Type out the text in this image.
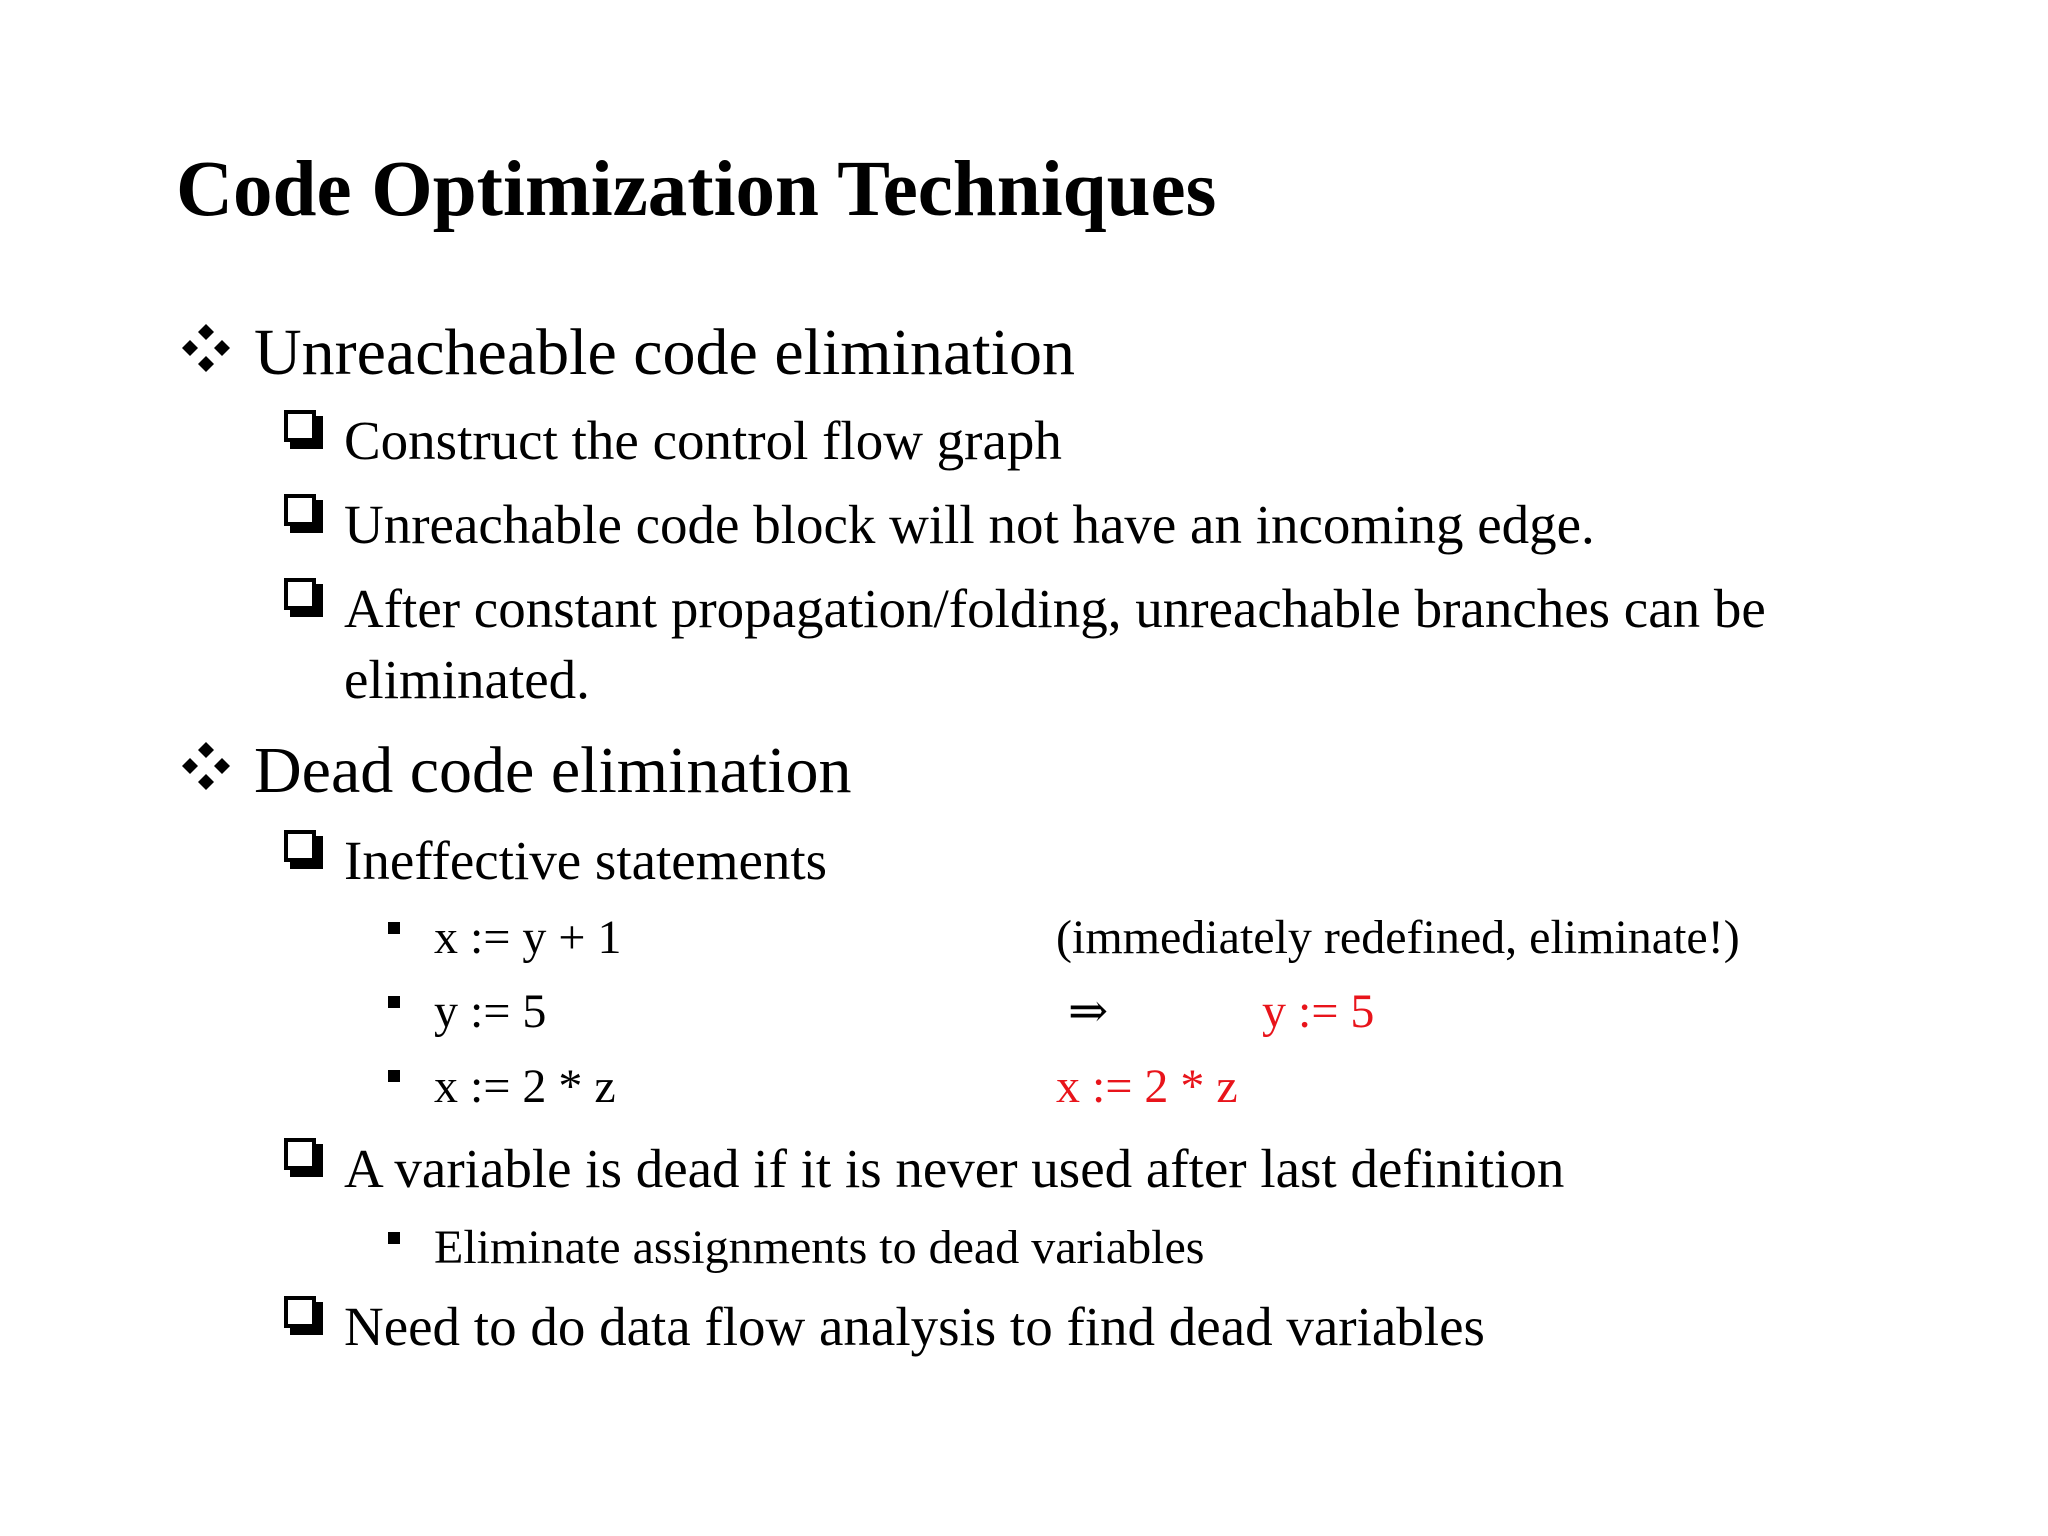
Code Optimization Techniques
Unreacheable code elimination
Construct the control flow graph
Unreachable code block will not have an incoming edge.
After constant propagation/folding, unreachable branches can be
eliminated.
Dead code elimination
Ineffective statements
x := y + 1	(immediately redefined, eliminate!)
y := 5	⇒	y := 5
x := 2 * z	x := 2 * z
A variable is dead if it is never used after last definition
Eliminate assignments to dead variables
Need to do data flow analysis to find dead variables
